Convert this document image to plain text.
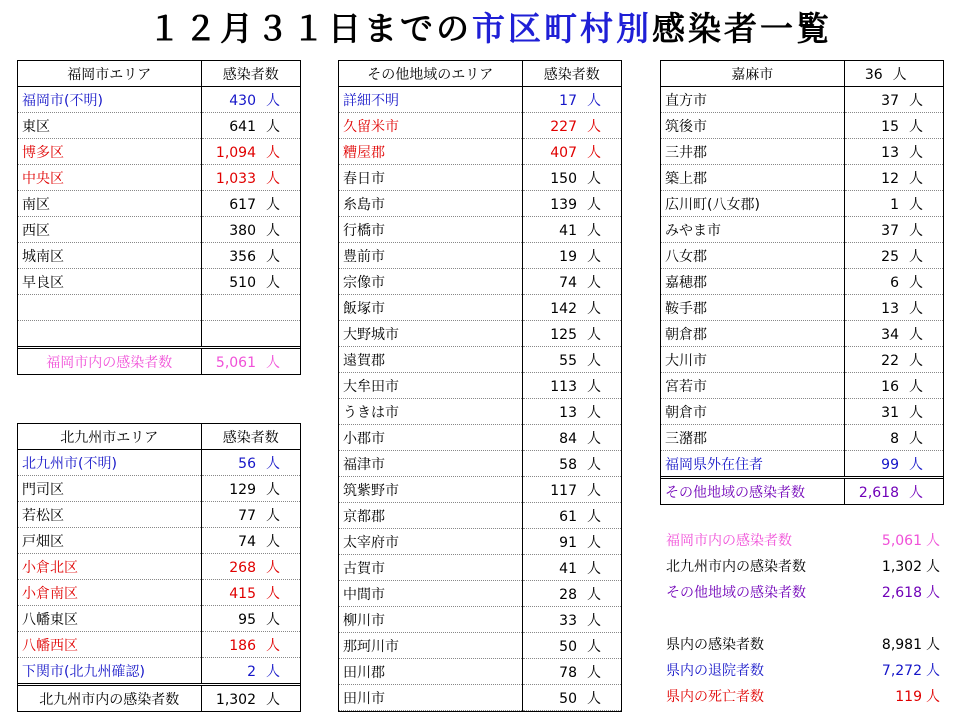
１２月３１日までの市区町村別感染者一覧
福岡市エリア	感染者数
福岡市(不明)	430 人
東区	641 人
博多区	1,094 人
中央区	1,033 人
南区	617 人
西区	380 人
城南区	356 人
早良区	510 人

福岡市内の感染者数	5,061 人
北九州市エリア	感染者数
北九州市(不明)	56 人
門司区	129 人
若松区	77 人
戸畑区	74 人
小倉北区	268 人
小倉南区	415 人
八幡東区	95 人
八幡西区	186 人
下関市(北九州確認)	2 人
北九州市内の感染者数	1,302 人
その他地域のエリア	感染者数
詳細不明	17 人
久留米市	227 人
糟屋郡	407 人
春日市	150 人
糸島市	139 人
行橋市	41 人
豊前市	19 人
宗像市	74 人
飯塚市	142 人
大野城市	125 人
遠賀郡	55 人
大牟田市	113 人
うきは市	13 人
小郡市	84 人
福津市	58 人
筑紫野市	117 人
京都郡	61 人
太宰府市	91 人
古賀市	41 人
中間市	28 人
柳川市	33 人
那珂川市	50 人
田川郡	78 人
田川市	50 人
嘉麻市	36 人
直方市	37 人
筑後市	15 人
三井郡	13 人
築上郡	12 人
広川町(八女郡)	1 人
みやま市	37 人
八女郡	25 人
嘉穂郡	6 人
鞍手郡	13 人
朝倉郡	34 人
大川市	22 人
宮若市	16 人
朝倉市	31 人
三潴郡	8 人
福岡県外在住者	99 人
その他地域の感染者数	2,618 人
福岡市内の感染者数	5,061 人
北九州市内の感染者数	1,302 人
その他地域の感染者数	2,618 人
県内の感染者数	8,981 人
県内の退院者数	7,272 人
県内の死亡者数	119 人
